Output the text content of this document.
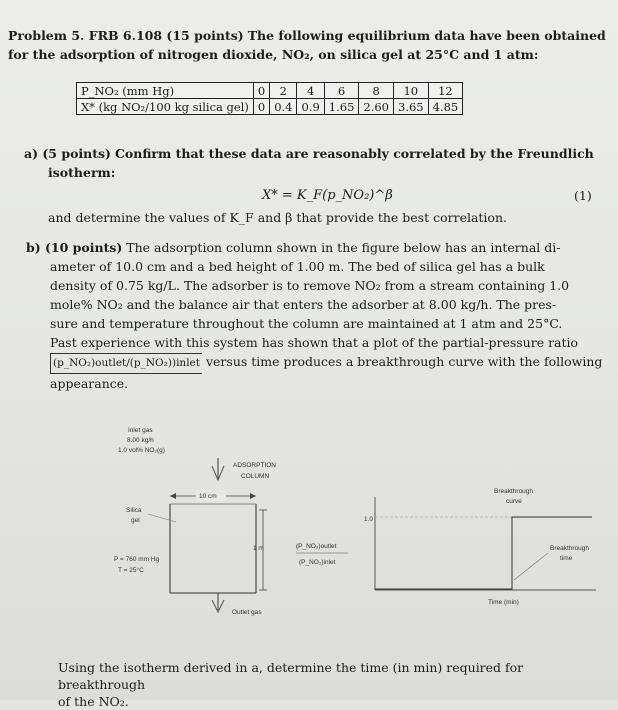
Problem 5. FRB 6.108 (15 points) The following equilibrium data have been obtained
for the adsorption of nitrogen dioxide, NO₂, on silica gel at 25°C and 1 atm:
P_NO₂ (mm Hg)	0	2	4	6	8	10	12
X* (kg NO₂/100 kg silica gel)	0	0.4	0.9	1.65	2.60	3.65	4.85
a) (5 points) Confirm that these data are reasonably correlated by the Freundlich
isotherm:
X* = K_F(p_NO₂)^β	(1)
and determine the values of K_F and β that provide the best correlation.
b) (10 points) The adsorption column shown in the figure below has an internal di-
ameter of 10.0 cm and a bed height of 1.00 m. The bed of silica gel has a bulk
density of 0.75 kg/L. The adsorber is to remove NO₂ from a stream containing 1.0
mole% NO₂ and the balance air that enters the adsorber at 8.00 kg/h. The pres-
sure and temperature throughout the column are maintained at 1 atm and 25°C.
Past experience with this system has shown that a plot of the partial-pressure ratio
(p_NO₂)outlet/(p_NO₂))inlet versus time produces a breakthrough curve with the following
appearance.
Inlet gas
8.00 kg/h
1.0 vol% NO₂(g)
ADSORPTION
COLUMN
10 cm
Silica
gel
1 m
P = 760 mm Hg
T = 25°C
Outlet gas
(P_NO₂)outlet
(P_NO₂)inlet
1.0
Breakthrough
curve
Breakthrough
time
Time (min)
Using the isotherm derived in a, determine the time (in min) required for breakthrough
of the NO₂.
